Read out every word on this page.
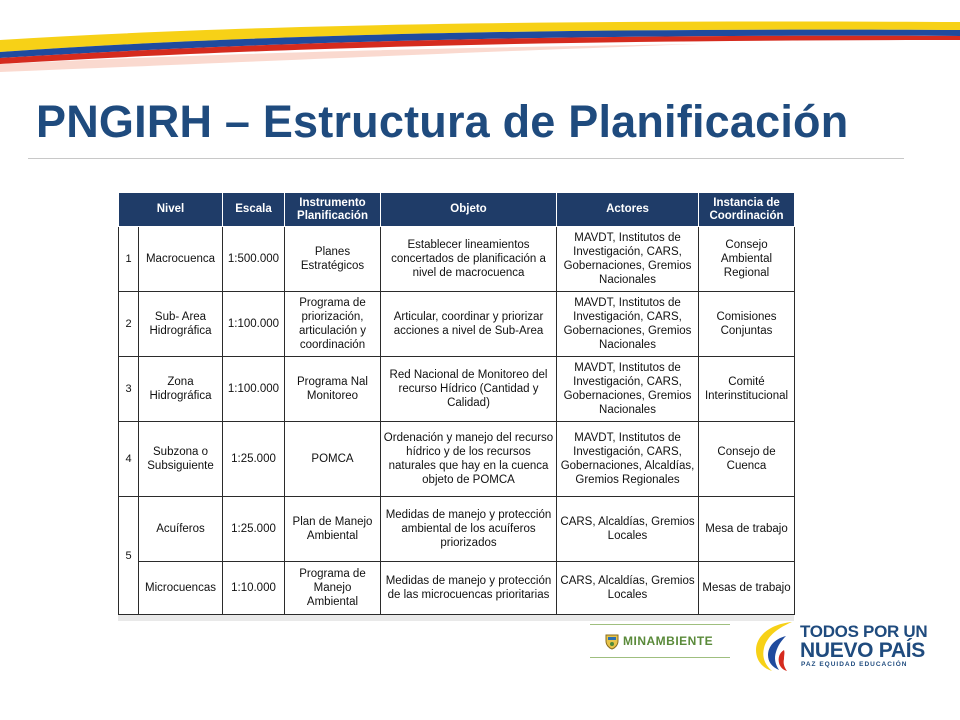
PNGIRH – Estructura de Planificación
Nivel		Escala	Instrumento Planificación	Objeto	Actores	Instancia de Coordinación
1	Macrocuenca	1:500.000	Planes Estratégicos	Establecer lineamientos concertados de planificación a nivel de macrocuenca	MAVDT, Institutos de Investigación, CARS, Gobernaciones, Gremios Nacionales	Consejo Ambiental Regional
2	Sub- Area Hidrográfica	1:100.000	Programa de priorización, articulación y coordinación	Articular, coordinar y priorizar acciones a nivel de Sub-Area	MAVDT, Institutos de Investigación, CARS, Gobernaciones, Gremios Nacionales	Comisiones Conjuntas
3	Zona Hidrográfica	1:100.000	Programa Nal Monitoreo	Red Nacional de Monitoreo del recurso Hídrico (Cantidad y Calidad)	MAVDT, Institutos de Investigación, CARS, Gobernaciones, Gremios Nacionales	Comité Interinstitucional
4	Subzona o Subsiguiente	1:25.000	POMCA	Ordenación y manejo del recurso hídrico y de los recursos naturales que hay en la cuenca objeto de POMCA	MAVDT, Institutos de Investigación, CARS, Gobernaciones, Alcaldías, Gremios Regionales	Consejo de Cuenca
5	Acuíferos	1:25.000	Plan de Manejo Ambiental	Medidas de manejo y protección ambiental de los acuíferos priorizados	CARS, Alcaldías, Gremios Locales	Mesa de trabajo
	Microcuencas	1:10.000	Programa de Manejo Ambiental	Medidas de manejo y protección de las microcuencas prioritarias	CARS, Alcaldías, Gremios Locales	Mesas de trabajo
MINAMBIENTE	TODOS POR UN
NUEVO PAÍS
PAZ EQUIDAD EDUCACIÓN
